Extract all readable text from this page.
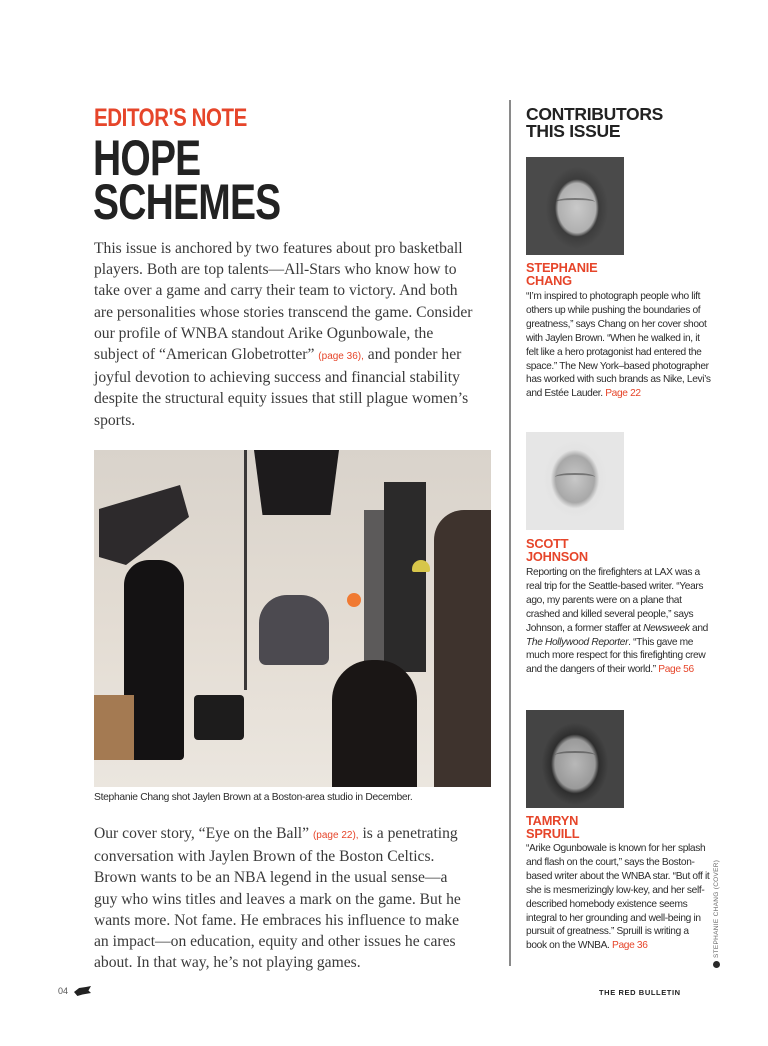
EDITOR'S NOTE
HOPE
SCHEMES

This issue is anchored by two features about pro basketball players. Both are top talents—All-Stars who know how to take over a game and carry their team to victory. And both are personalities whose stories transcend the game. Consider our profile of WNBA standout Arike Ogunbowale, the subject of “American Globetrotter” (page 36), and ponder her joyful devotion to achieving success and financial stability despite the structural equity issues that still plague women’s sports.

Stephanie Chang shot Jaylen Brown at a Boston-area studio in December.

Our cover story, “Eye on the Ball” (page 22), is a penetrating conversation with Jaylen Brown of the Boston Celtics. Brown wants to be an NBA legend in the usual sense—a guy who wins titles and leaves a mark on the game. But he wants more. Not fame. He embraces his influence to make an impact—on education, equity and other issues he cares about. In that way, he’s not playing games.

CONTRIBUTORS
THIS ISSUE
STEPHANIE
CHANG
“I’m inspired to photograph people who lift others up while pushing the boundaries of greatness,” says Chang on her cover shoot with Jaylen Brown. “When he walked in, it felt like a hero protagonist had entered the space.” The New York–based photographer has worked with such brands as Nike, Levi’s and Estée Lauder. Page 22
SCOTT
JOHNSON
Reporting on the firefighters at LAX was a real trip for the Seattle-based writer. “Years ago, my parents were on a plane that crashed and killed several people,” says Johnson, a former staffer at Newsweek and The Hollywood Reporter. “This gave me much more respect for this firefighting crew and the dangers of their world.” Page 56
TAMRYN
SPRUILL
“Arike Ogunbowale is known for her splash and flash on the court,” says the Boston-based writer about the WNBA star. “But off it she is mesmerizingly low-key, and her self-described homebody existence seems integral to her grounding and well-being in pursuit of greatness.” Spruill is writing a book on the WNBA. Page 36	STEPHANIE CHANG (COVER)
04	THE RED BULLETIN
